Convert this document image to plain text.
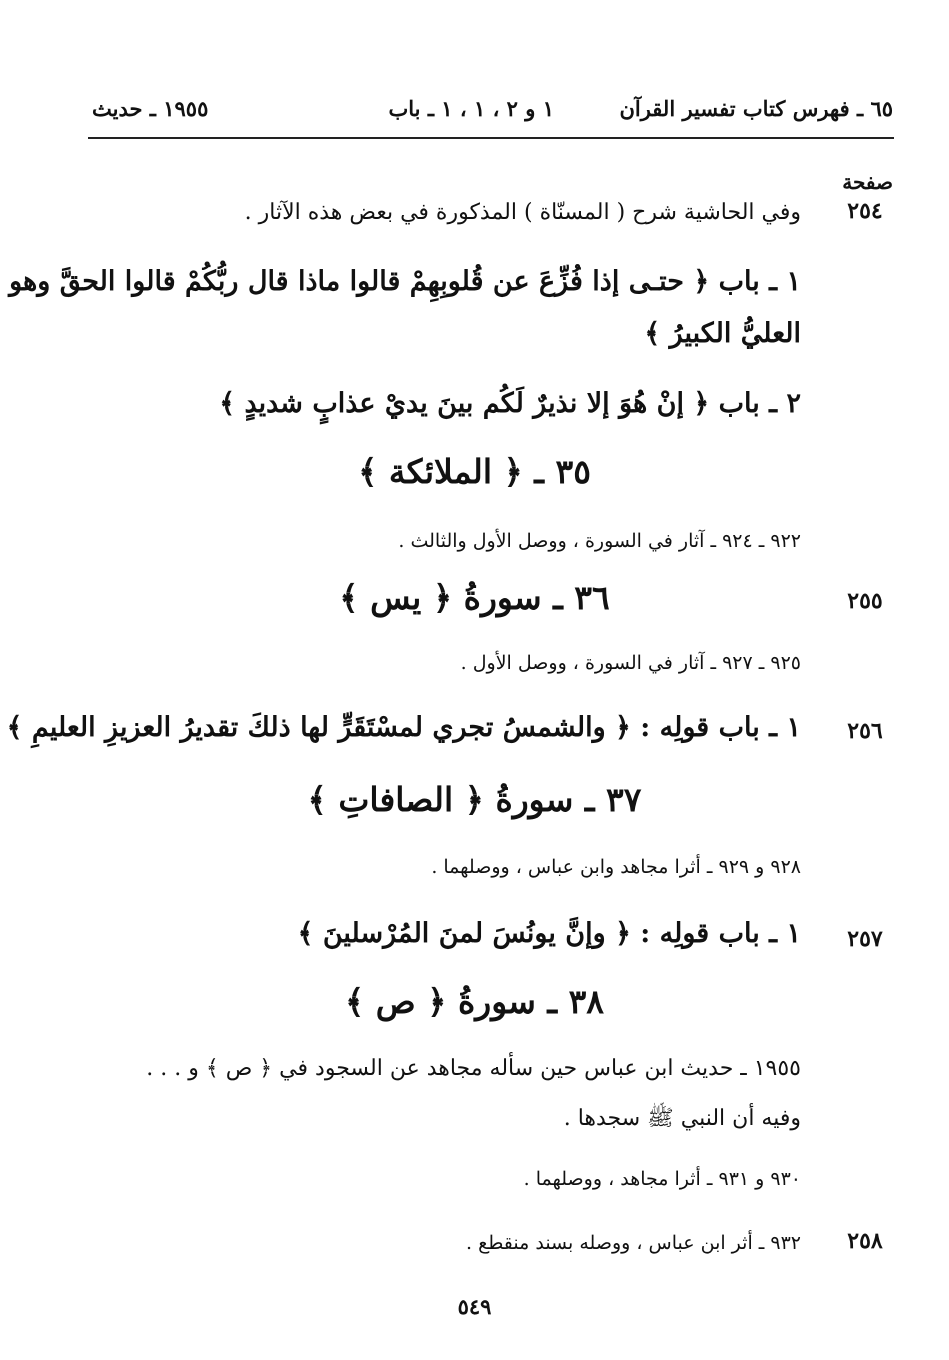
٦٥ ـ فهرس كتاب تفسير القرآن
١ و ٢ ، ١ ، ١ ـ باب
١٩٥٥ ـ حديث
صفحة
٢٥٤
وفي الحاشية شرح ( المسنّاة ) المذكورة في بعض هذه الآثار .
١ ـ باب ﴿ حتـى إذا فُزِّعَ عن قُلوبِهِمْ قالوا ماذا قال ربُّكُمْ قالوا الحقَّ وهو
العليُّ الكبيرُ ﴾
٢ ـ باب ﴿ إنْ هُوَ إلا نذيرٌ لَكُم بينَ يديْ عذابٍ شديدٍ ﴾
٣٥ ـ ﴿ الملائكة ﴾
٩٢٢ ـ ٩٢٤ ـ آثار في السورة ، ووصل الأول والثالث .
٢٥٥
٣٦ ـ سورةُ ﴿ يس ﴾
٩٢٥ ـ ٩٢٧ ـ آثار في السورة ، ووصل الأول .
٢٥٦
١ ـ باب قولِه : ﴿ والشمسُ تجري لمسْتَقَرٍّ لها ذلكَ تقديرُ العزيزِ العليمِ ﴾
٣٧ ـ سورةُ ﴿ الصافاتِ ﴾
٩٢٨ و ٩٢٩ ـ أثرا مجاهد وابن عباس ، ووصلهما .
٢٥٧
١ ـ باب قولِه : ﴿ وإنَّ يونُسَ لمنَ المُرْسلينَ ﴾
٣٨ ـ سورةُ ﴿ ص ﴾
١٩٥٥ ـ حديث ابن عباس حين سأله مجاهد عن السجود في ﴿ ص ﴾ و . . .
وفيه أن النبي ﷺ سجدها .
٩٣٠ و ٩٣١ ـ أثرا مجاهد ، ووصلهما .
٢٥٨
٩٣٢ ـ أثر ابن عباس ، ووصله بسند منقطع .
٥٤٩
